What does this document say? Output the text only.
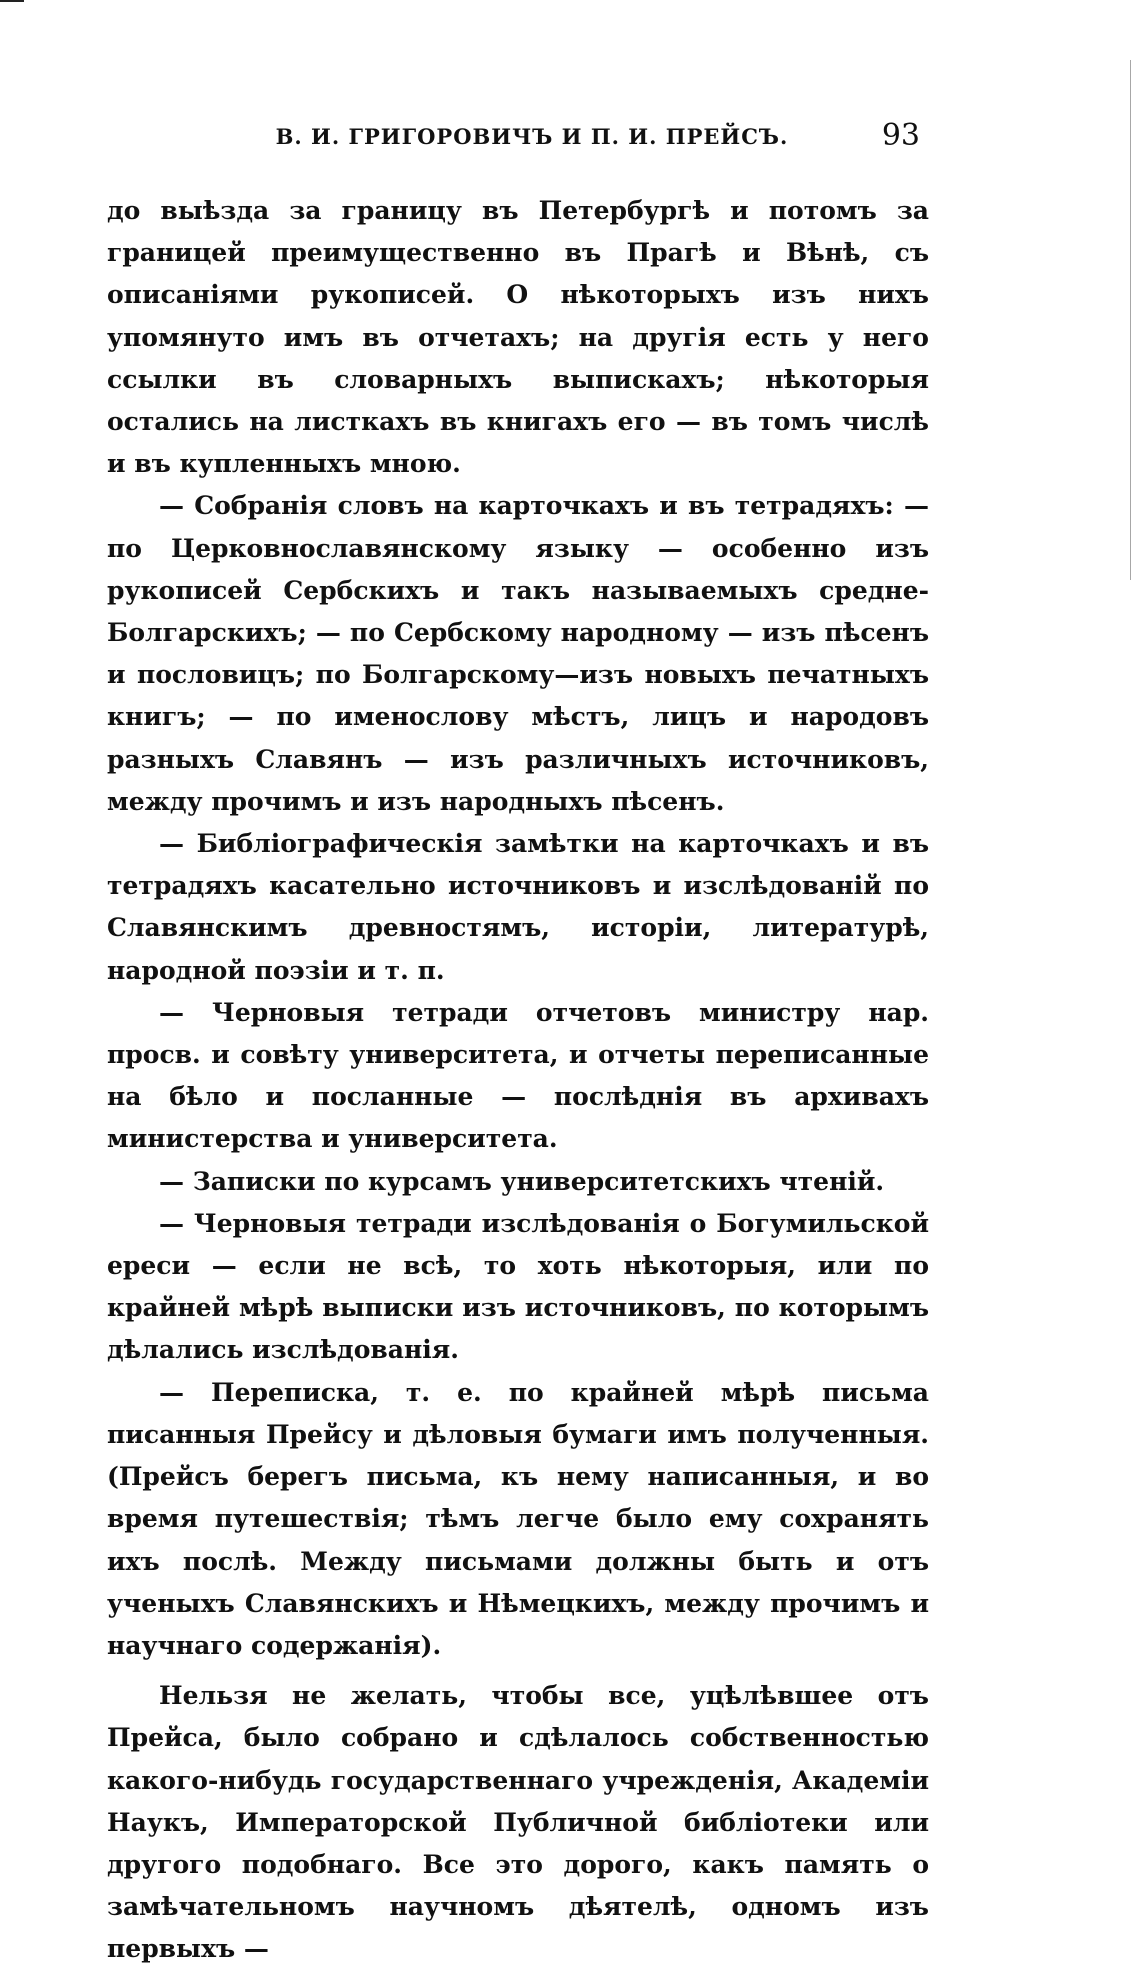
В. И. ГРИГОРОВИЧЪ И П. И. ПРЕЙСЪ.	93

до выѣзда за границу въ Петербургѣ и потомъ за границей преимущественно въ Прагѣ и Вѣнѣ, съ описаніями рукописей. О нѣкоторыхъ изъ нихъ упомянуто имъ въ отчетахъ; на другія есть у него ссылки въ словарныхъ выпискахъ; нѣкоторыя остались на листкахъ въ книгахъ его — въ томъ числѣ и въ купленныхъ мною.

— Собранія словъ на карточкахъ и въ тетрадяхъ: — по Церковнославянскому языку — особенно изъ рукописей Сербскихъ и такъ называемыхъ средне-Болгарскихъ; — по Сербскому народному — изъ пѣсенъ и пословицъ; по Болгарскому—изъ новыхъ печатныхъ книгъ; — по именослову мѣстъ, лицъ и народовъ разныхъ Славянъ — изъ различныхъ источниковъ, между прочимъ и изъ народныхъ пѣсенъ.

— Библіографическія замѣтки на карточкахъ и въ тетрадяхъ касательно источниковъ и изслѣдованій по Славянскимъ древностямъ, исторіи, литературѣ, народной поэзіи и т. п.

— Черновыя тетради отчетовъ министру нар. просв. и совѣту университета, и отчеты переписанные на бѣло и посланные — послѣднія въ архивахъ министерства и университета.

— Записки по курсамъ университетскихъ чтеній.

— Черновыя тетради изслѣдованія о Богумильской ереси — если не всѣ, то хоть нѣкоторыя, или по крайней мѣрѣ выписки изъ источниковъ, по которымъ дѣлались изслѣдованія.

— Переписка, т. е. по крайней мѣрѣ письма писанныя Прейсу и дѣловыя бумаги имъ полученныя. (Прейсъ берегъ письма, къ нему написанныя, и во время путешествія; тѣмъ легче было ему сохранять ихъ послѣ. Между письмами должны быть и отъ ученыхъ Славянскихъ и Нѣмецкихъ, между прочимъ и научнаго содержанія).

Нельзя не желать, чтобы все, уцѣлѣвшее отъ Прейса, было собрано и сдѣлалось собственностью какого-нибудь государственнаго учрежденія, Академіи Наукъ, Императорской Публичной библіотеки или другого подобнаго. Все это дорого, какъ память о замѣчательномъ научномъ дѣятелѣ, одномъ изъ первыхъ —
